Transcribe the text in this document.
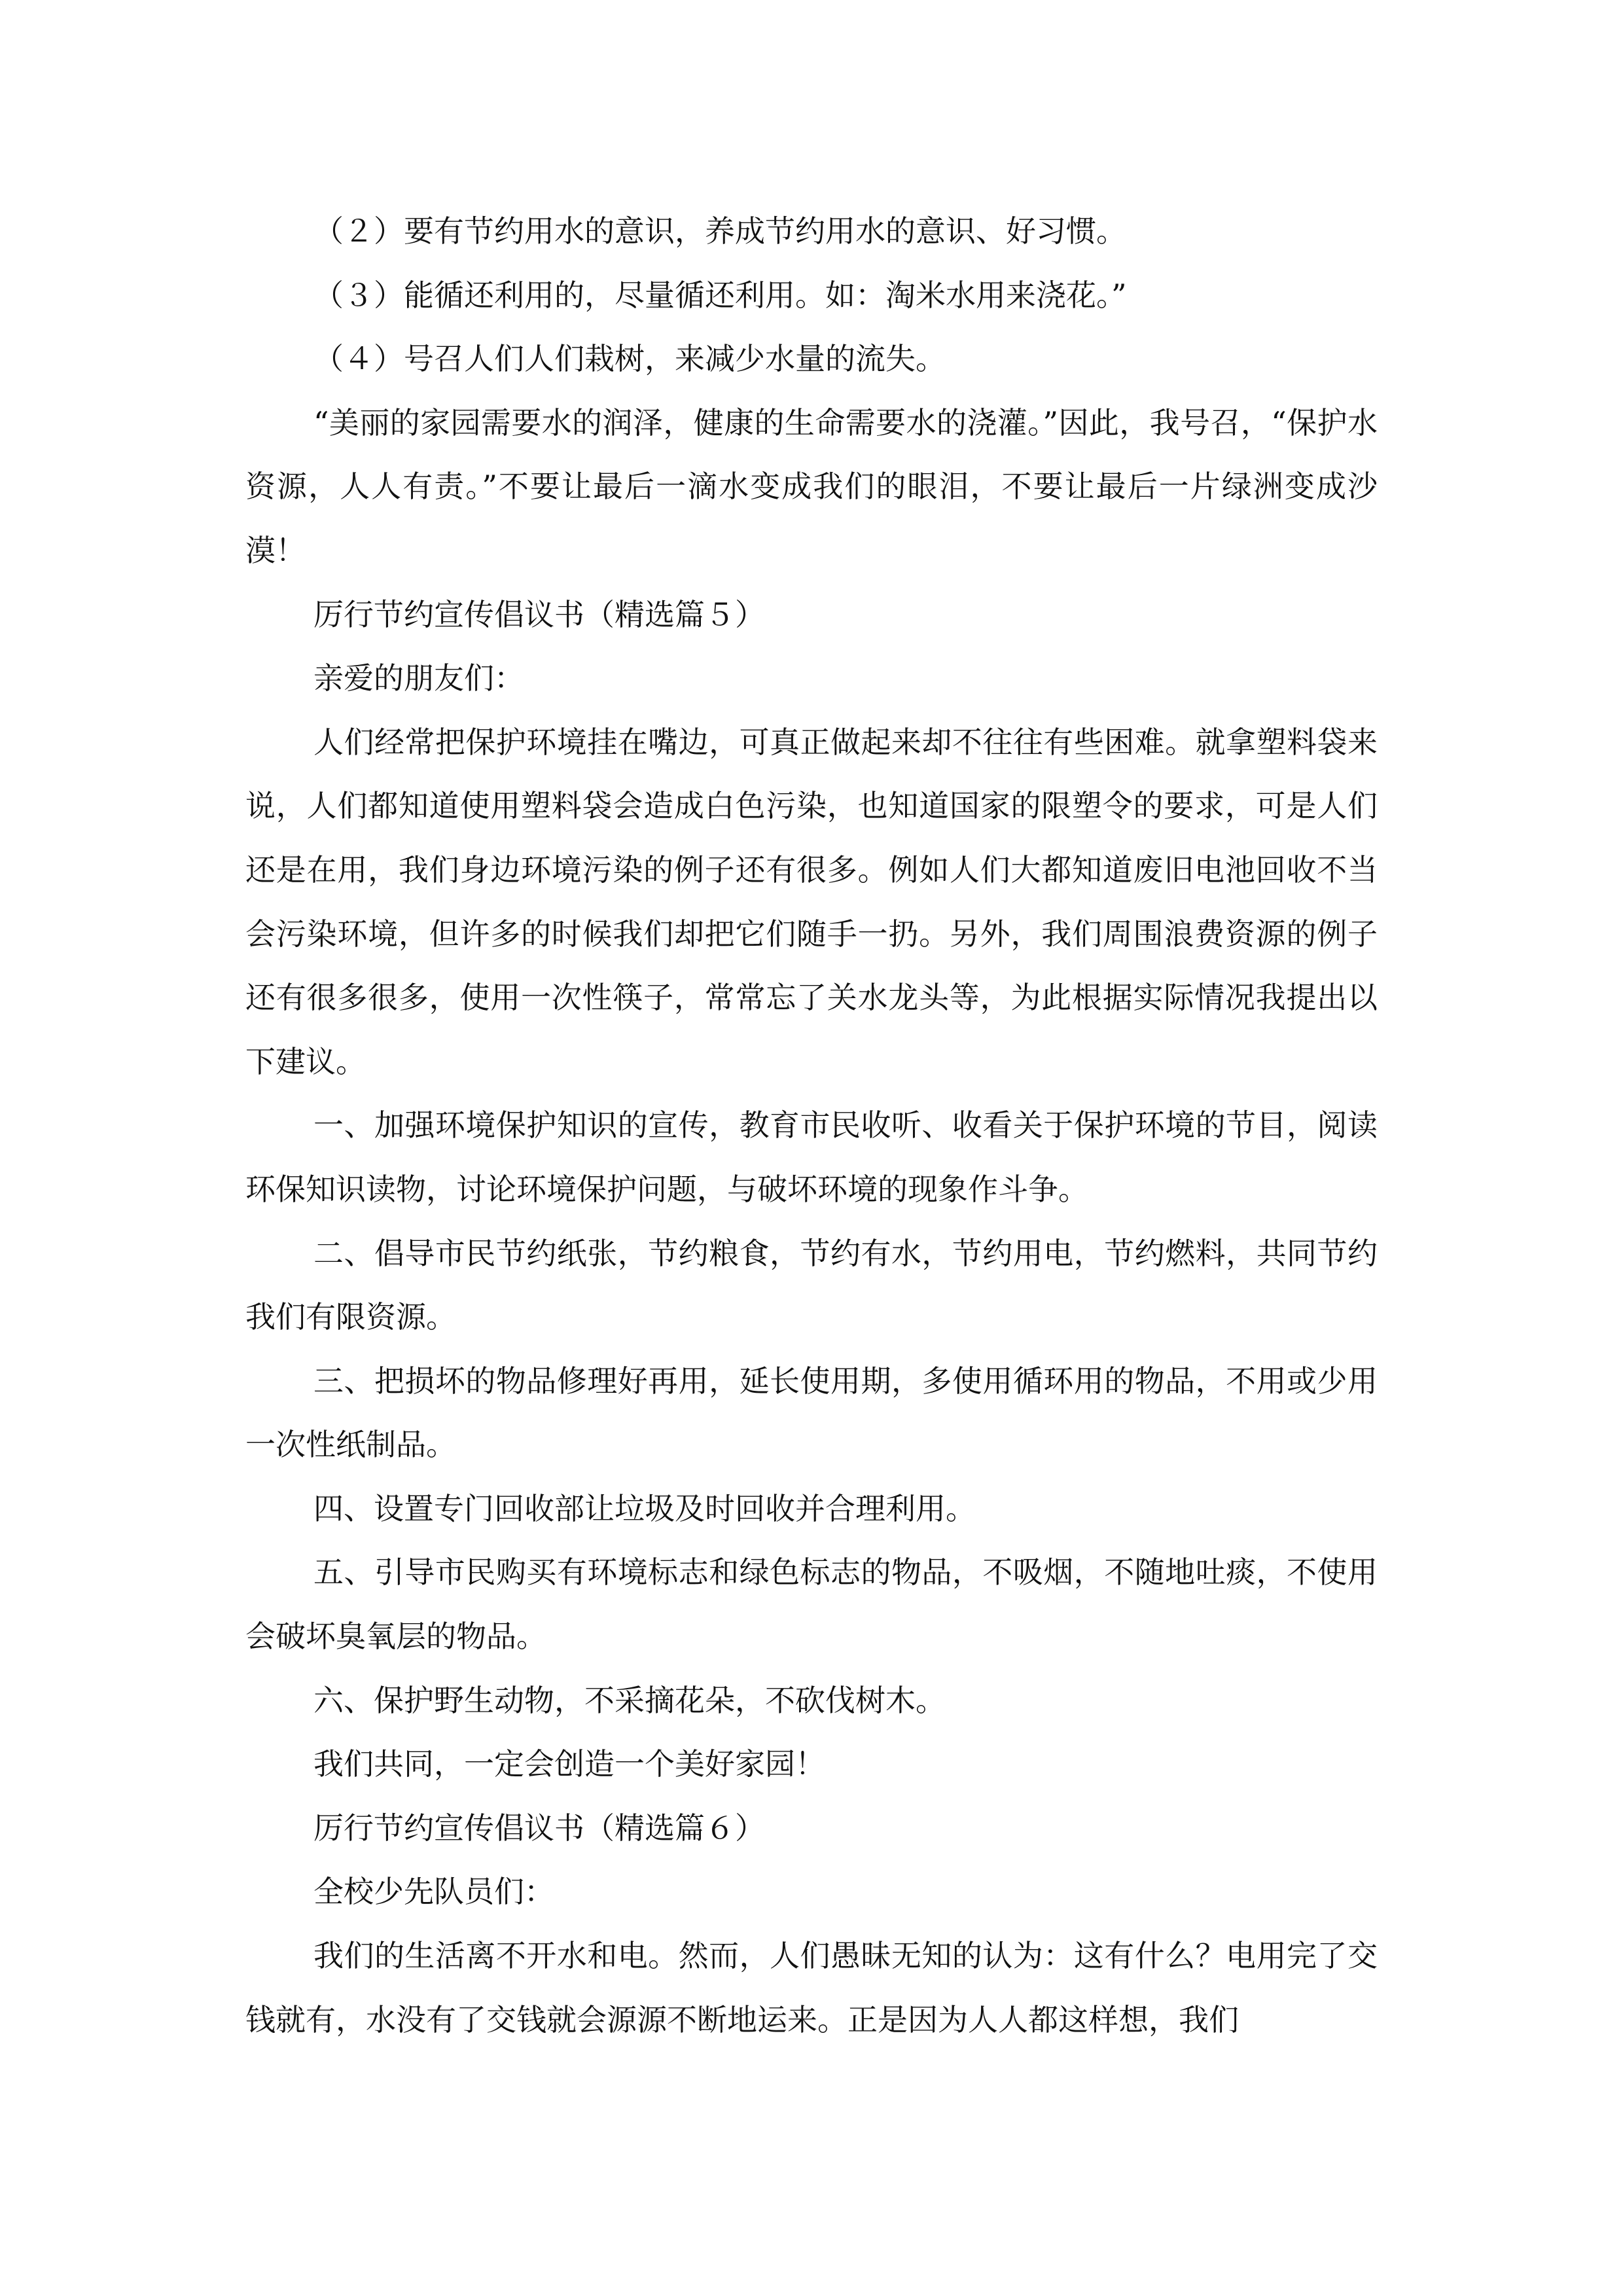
（２）要有节约用水的意识，养成节约用水的意识、好习惯。

（３）能循还利用的，尽量循还利用。如：淘米水用来浇花。”

（４）号召人们人们栽树，来减少水量的流失。

“美丽的家园需要水的润泽，健康的生命需要水的浇灌。”因此，我号召，“保护水资源，人人有责。”不要让最后一滴水变成我们的眼泪，不要让最后一片绿洲变成沙漠！

厉行节约宣传倡议书（精选篇５）

亲爱的朋友们：

人们经常把保护环境挂在嘴边，可真正做起来却不往往有些困难。就拿塑料袋来说，人们都知道使用塑料袋会造成白色污染，也知道国家的限塑令的要求，可是人们还是在用，我们身边环境污染的例子还有很多。例如人们大都知道废旧电池回收不当会污染环境，但许多的时候我们却把它们随手一扔。另外，我们周围浪费资源的例子还有很多很多，使用一次性筷子，常常忘了关水龙头等，为此根据实际情况我提出以下建议。

一、加强环境保护知识的宣传，教育市民收听、收看关于保护环境的节目，阅读环保知识读物，讨论环境保护问题，与破坏环境的现象作斗争。

二、倡导市民节约纸张，节约粮食，节约有水，节约用电，节约燃料，共同节约我们有限资源。

三、把损坏的物品修理好再用，延长使用期，多使用循环用的物品，不用或少用一次性纸制品。

四、设置专门回收部让垃圾及时回收并合理利用。

五、引导市民购买有环境标志和绿色标志的物品，不吸烟，不随地吐痰，不使用会破坏臭氧层的物品。

六、保护野生动物，不采摘花朵，不砍伐树木。

我们共同，一定会创造一个美好家园！

厉行节约宣传倡议书（精选篇６）

全校少先队员们：

我们的生活离不开水和电。然而，人们愚昧无知的认为：这有什么？电用完了交钱就有，水没有了交钱就会源源不断地运来。正是因为人人都这样想，我们
